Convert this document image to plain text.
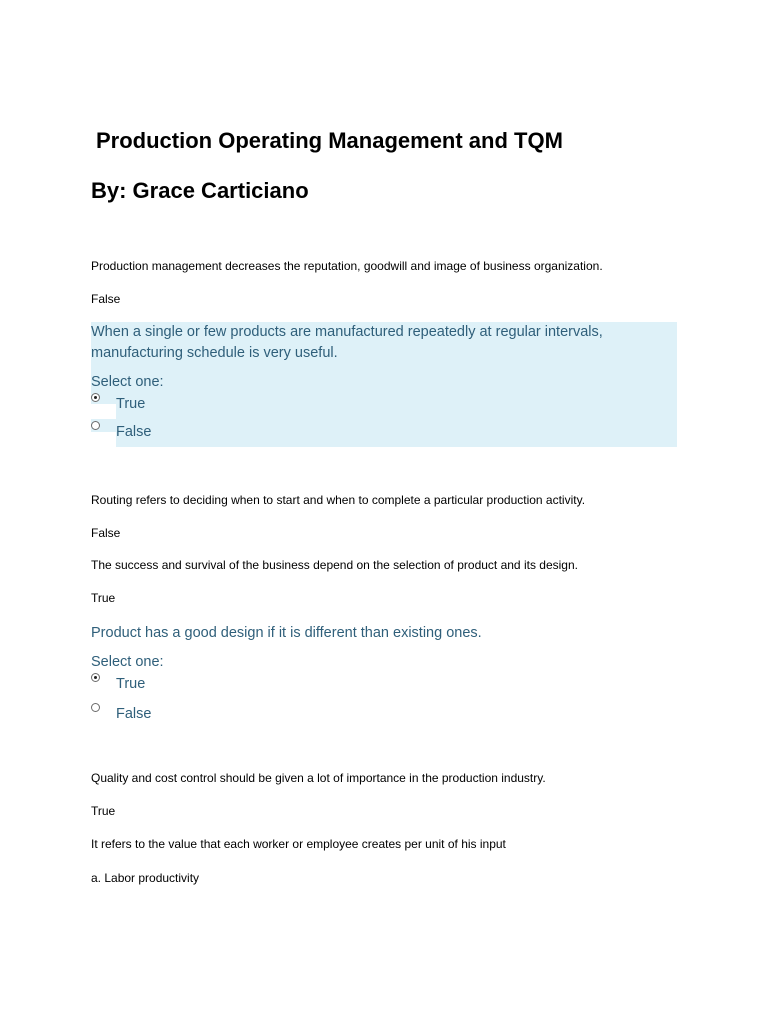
Production Operating Management and TQM
By: Grace Carticiano
Production management decreases the reputation, goodwill and image of business organization.
False
When a single or few products are manufactured repeatedly at regular intervals, manufacturing schedule is very useful.
Select one:
True
False
Routing refers to deciding when to start and when to complete a particular production activity.
False
The success and survival of the business depend on the selection of product and its design.
True
Product has a good design if it is different than existing ones.
Select one:
True
False
Quality and cost control should be given a lot of importance in the production industry.
True
It refers to the value that each worker or employee creates per unit of his input
a. Labor productivity
